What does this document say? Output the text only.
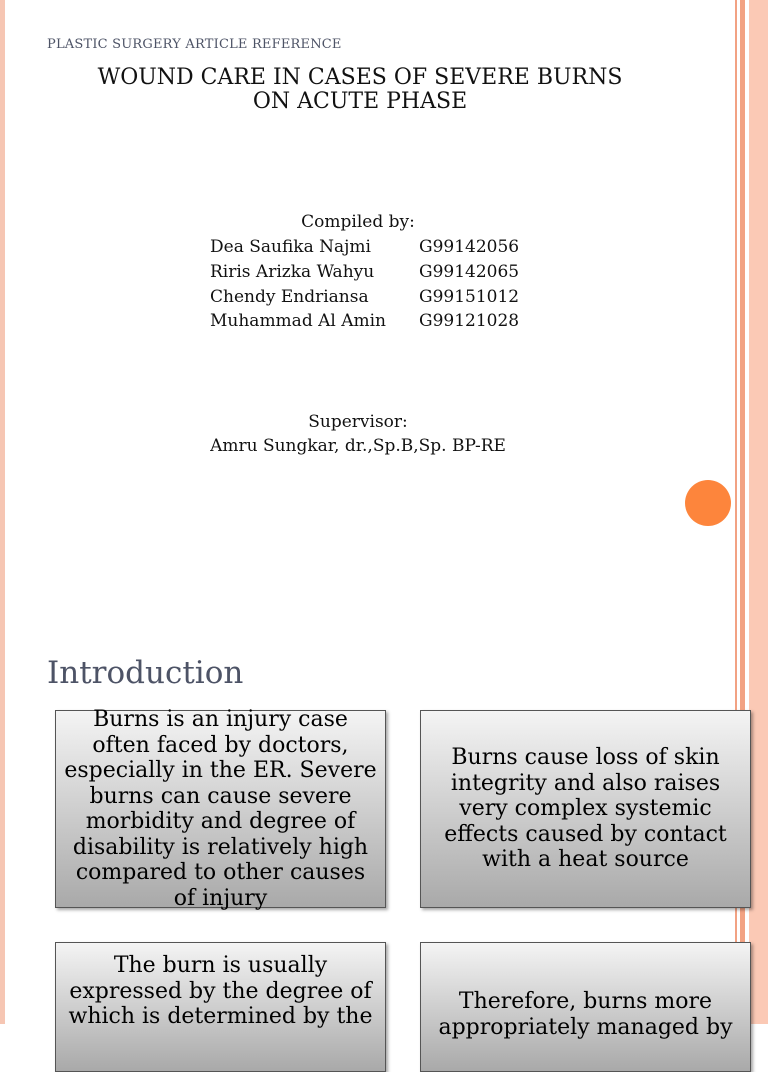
PLASTIC SURGERY ARTICLE REFERENCE
WOUND CARE IN CASES OF SEVERE BURNS
ON ACUTE PHASE
Compiled by:
Dea Saufika Najmi	G99142056
Riris Arizka Wahyu	G99142065
Chendy Endriansa	G99151012
Muhammad Al Amin G99121028
Supervisor:
Amru Sungkar, dr.,Sp.B,Sp. BP-RE
Introduction
Burns is an injury case often faced by doctors, especially in the ER. Severe burns can cause severe morbidity and degree of disability is relatively high compared to other causes of injury
Burns cause loss of skin integrity and also raises very complex systemic effects caused by contact with a heat source
The burn is usually expressed by the degree of which is determined by the
Therefore, burns more appropriately managed by
